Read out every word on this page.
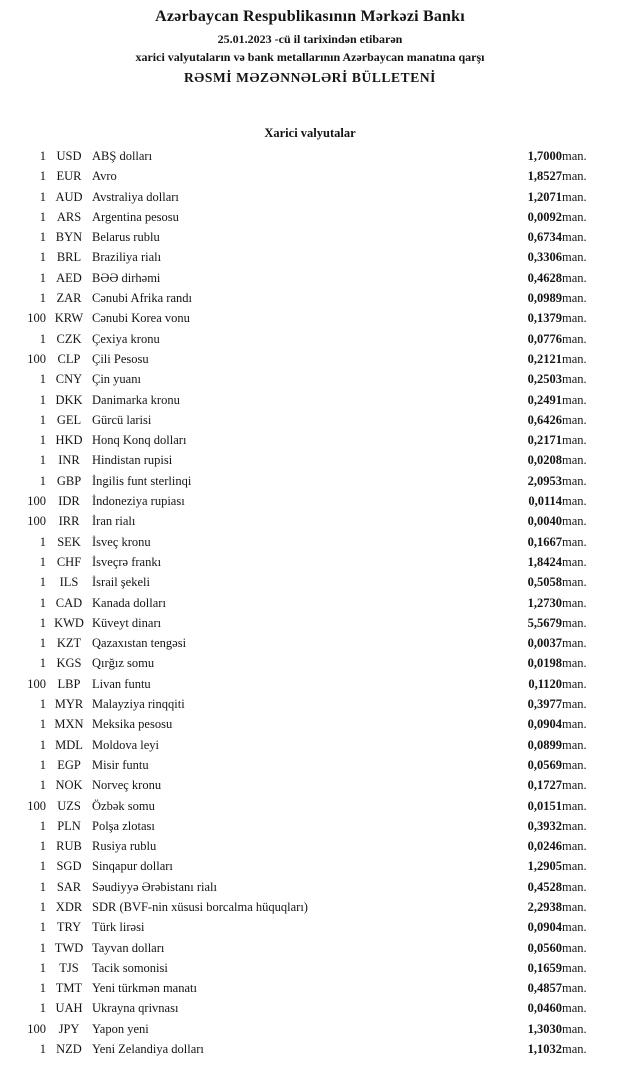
Azərbaycan Respublikasının Mərkəzi Bankı
25.01.2023 -cü il tarixindən etibarən
xarici valyutaların və bank metallarının Azərbaycan manatına qarşı
RƏSMİ MƏZƏNNƏLƏRİ BÜLLETENİ
Xarici valyutalar
1	USD	ABŞ dolları	1,7000	man.
1	EUR	Avro	1,8527	man.
1	AUD	Avstraliya dolları	1,2071	man.
1	ARS	Argentina pesosu	0,0092	man.
1	BYN	Belarus rublu	0,6734	man.
1	BRL	Braziliya rialı	0,3306	man.
1	AED	BƏƏ dirhəmi	0,4628	man.
1	ZAR	Cənubi Afrika randı	0,0989	man.
100	KRW	Cənubi Korea vonu	0,1379	man.
1	CZK	Çexiya kronu	0,0776	man.
100	CLP	Çili Pesosu	0,2121	man.
1	CNY	Çin yuanı	0,2503	man.
1	DKK	Danimarka kronu	0,2491	man.
1	GEL	Gürcü larisi	0,6426	man.
1	HKD	Honq Konq dolları	0,2171	man.
1	INR	Hindistan rupisi	0,0208	man.
1	GBP	İngilis funt sterlinqi	2,0953	man.
100	IDR	İndoneziya rupiası	0,0114	man.
100	IRR	İran rialı	0,0040	man.
1	SEK	İsveç kronu	0,1667	man.
1	CHF	İsveçrə frankı	1,8424	man.
1	ILS	İsrail şekeli	0,5058	man.
1	CAD	Kanada dolları	1,2730	man.
1	KWD	Küveyt dinarı	5,5679	man.
1	KZT	Qazaxıstan tengəsi	0,0037	man.
1	KGS	Qırğız somu	0,0198	man.
100	LBP	Livan funtu	0,1120	man.
1	MYR	Malayziya rinqqiti	0,3977	man.
1	MXN	Meksika pesosu	0,0904	man.
1	MDL	Moldova leyi	0,0899	man.
1	EGP	Misir funtu	0,0569	man.
1	NOK	Norveç kronu	0,1727	man.
100	UZS	Özbək somu	0,0151	man.
1	PLN	Polşa zlotası	0,3932	man.
1	RUB	Rusiya rublu	0,0246	man.
1	SGD	Sinqapur dolları	1,2905	man.
1	SAR	Səudiyyə Ərəbistanı rialı	0,4528	man.
1	XDR	SDR (BVF-nin xüsusi borcalma hüquqları)	2,2938	man.
1	TRY	Türk lirəsi	0,0904	man.
1	TWD	Tayvan dolları	0,0560	man.
1	TJS	Tacik somonisi	0,1659	man.
1	TMT	Yeni türkmən manatı	0,4857	man.
1	UAH	Ukrayna qrivnası	0,0460	man.
100	JPY	Yapon yeni	1,3030	man.
1	NZD	Yeni Zelandiya dolları	1,1032	man.
